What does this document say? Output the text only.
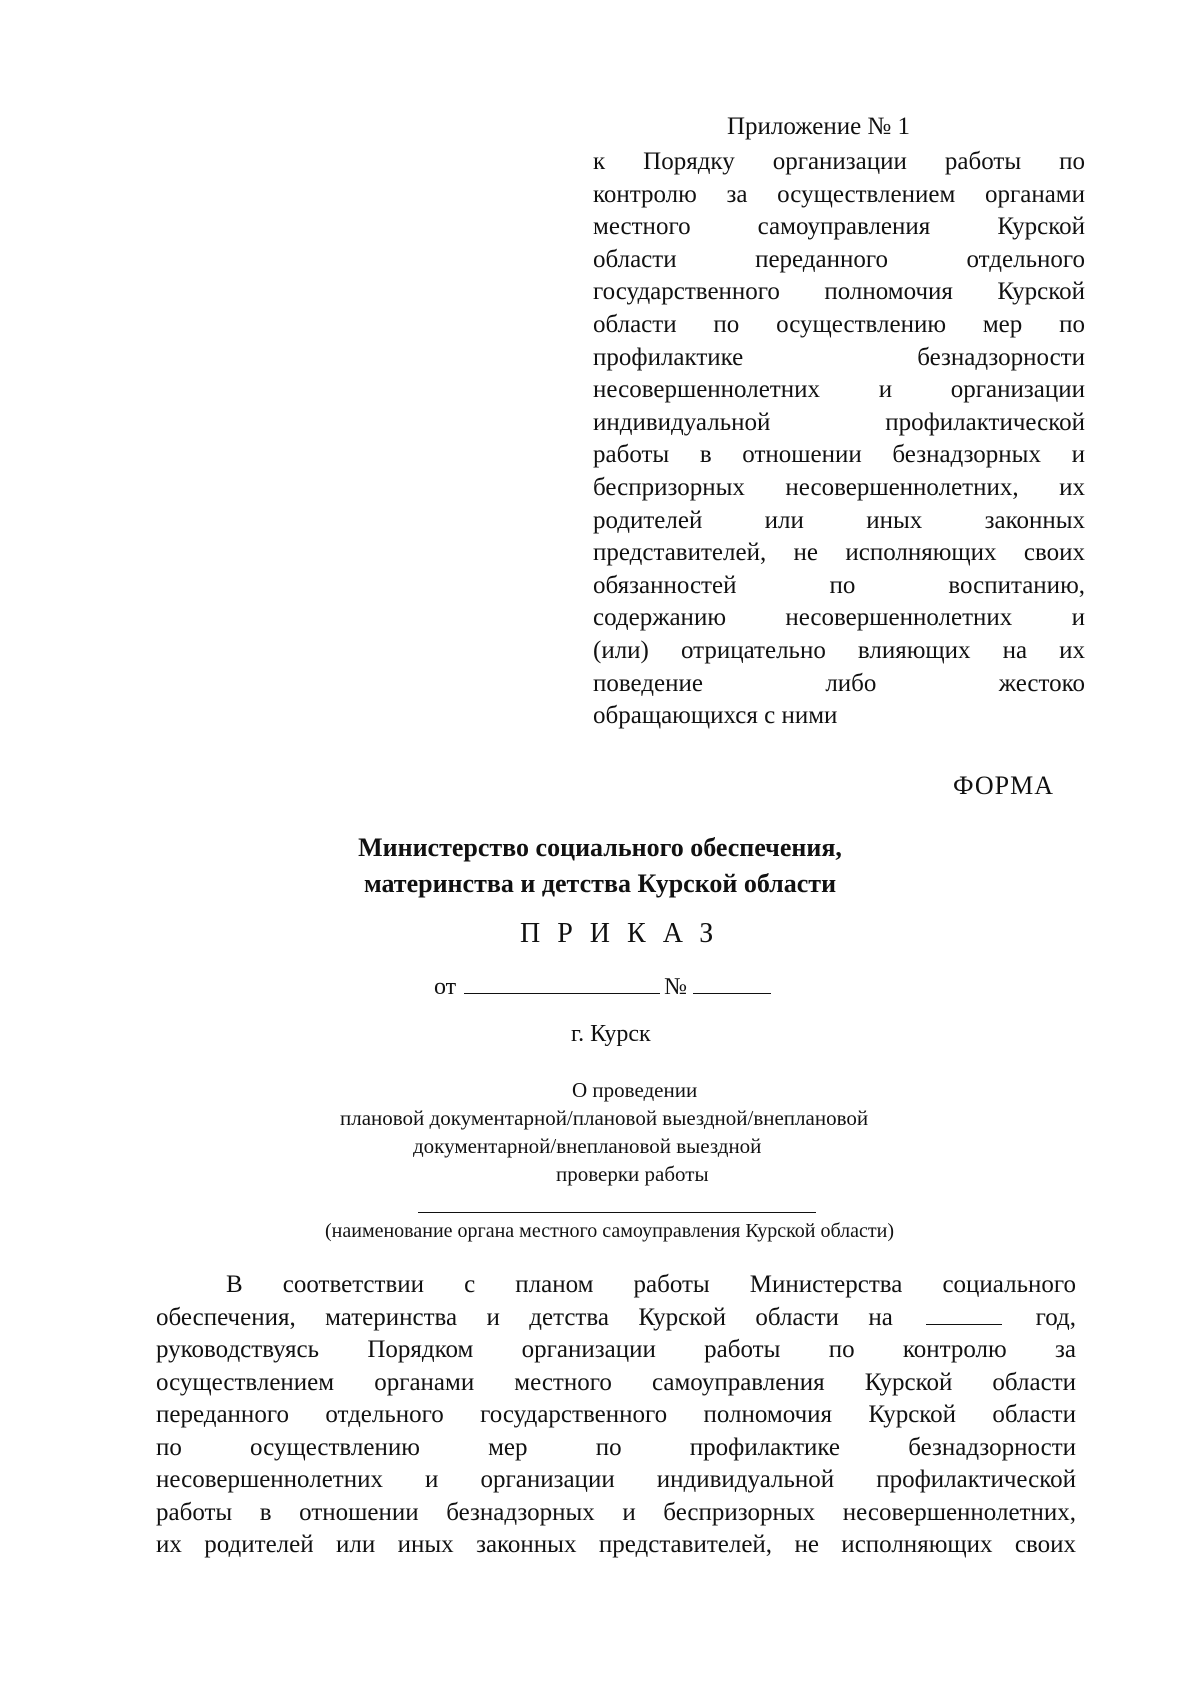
Приложение № 1
к Порядку организации работы по
контролю за осуществлением органами
местного самоуправления Курской
области переданного отдельного
государственного полномочия Курской
области по осуществлению мер по
профилактике безнадзорности
несовершеннолетних и организации
индивидуальной профилактической
работы в отношении безнадзорных и
беспризорных несовершеннолетних, их
родителей или иных законных
представителей, не исполняющих своих
обязанностей по воспитанию,
содержанию несовершеннолетних и
(или) отрицательно влияющих на их
поведение либо жестоко
обращающихся с ними
ФОРМА
Министерство социального обеспечения,
материнства и детства Курской области
ПРИКАЗ
от	№
г. Курск
О проведении
плановой документарной/плановой выездной/внеплановой
документарной/внеплановой выездной
проверки работы
(наименование органа местного самоуправления Курской области)
В соответствии с планом работы Министерства социального
обеспечения, материнства и детства Курской области на	год,
руководствуясь Порядком организации работы по контролю за
осуществлением органами местного самоуправления Курской области
переданного отдельного государственного полномочия Курской области
по осуществлению мер по профилактике безнадзорности
несовершеннолетних и организации индивидуальной профилактической
работы в отношении безнадзорных и беспризорных несовершеннолетних,
их родителей или иных законных представителей, не исполняющих своих
